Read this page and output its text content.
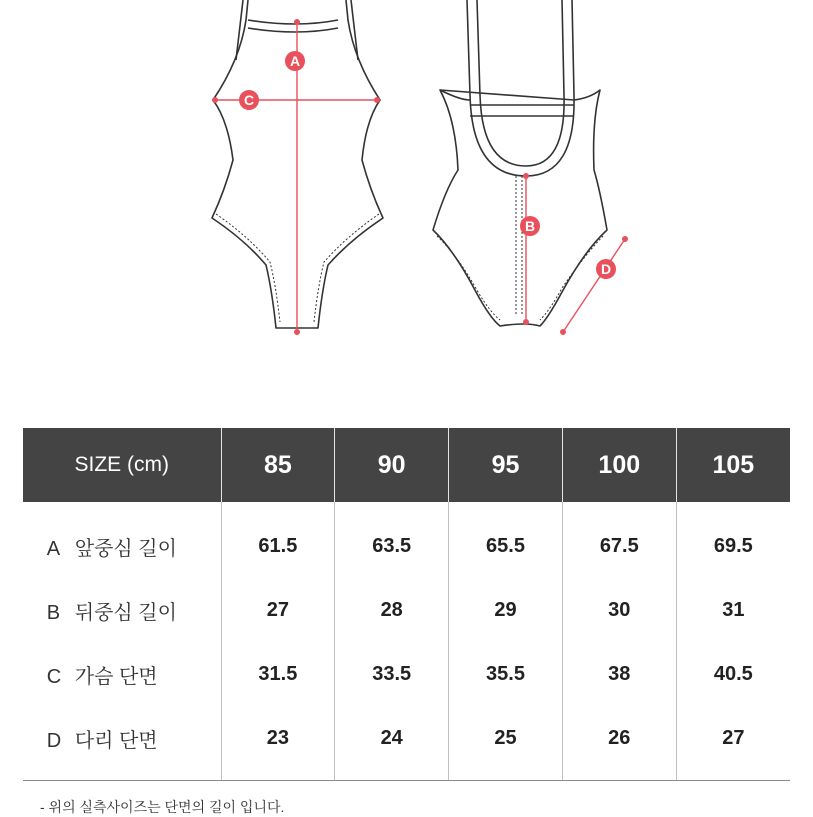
A
C
B
D
SIZE (cm)	85	90	95	100	105
A 앞중심 길이	61.5	63.5	65.5	67.5	69.5
B 뒤중심 길이	27	28	29	30	31
C 가슴 단면	31.5	33.5	35.5	38	40.5
D 다리 단면	23	24	25	26	27
- 위의 실측사이즈는 단면의 길이 입니다.
